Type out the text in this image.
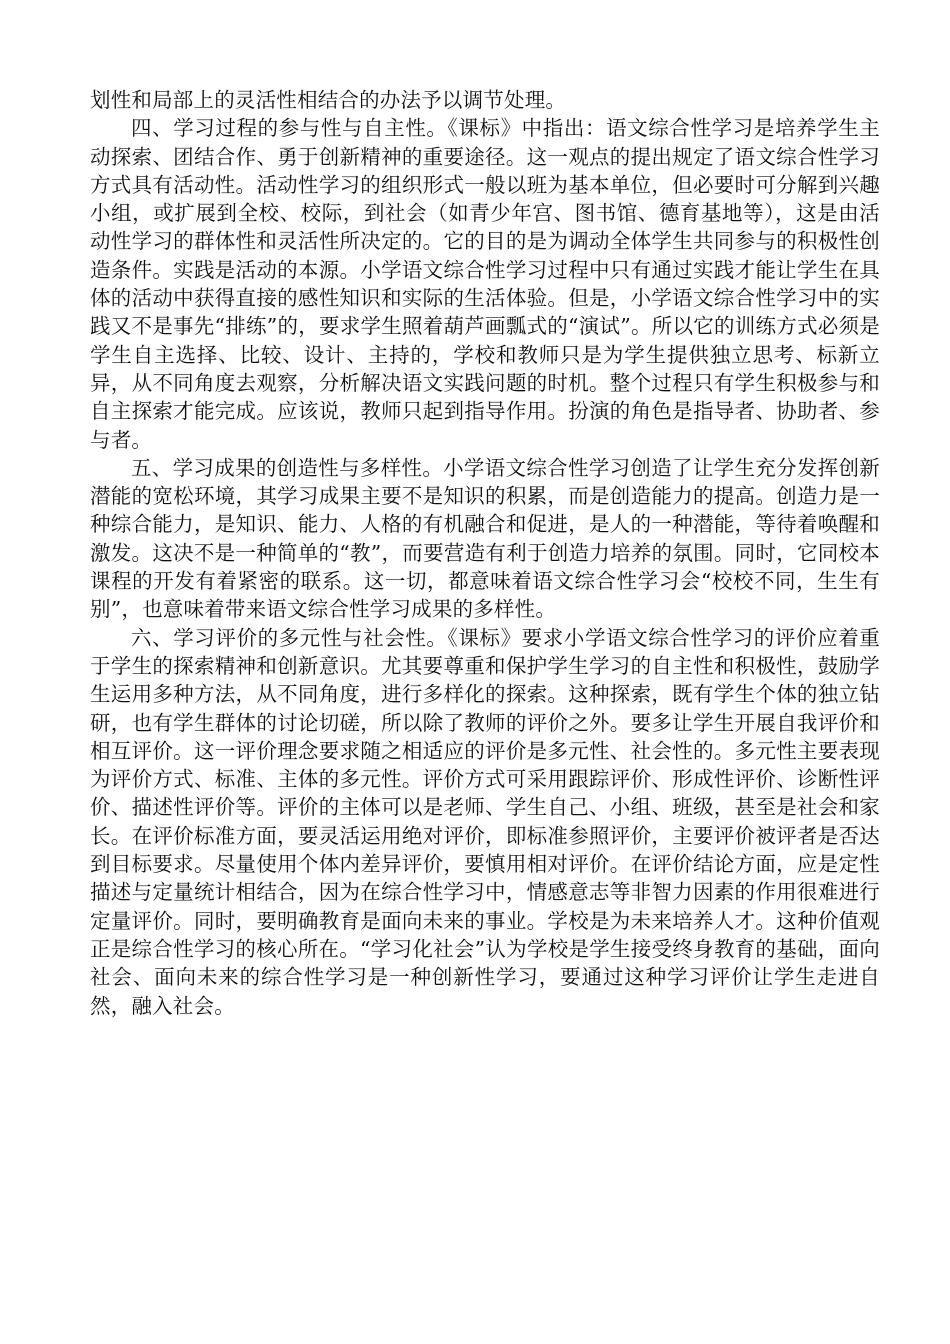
划性和局部上的灵活性相结合的办法予以调节处理。

四、学习过程的参与性与自主性。《课标》中指出：语文综合性学习是培养学生主动探索、团结合作、勇于创新精神的重要途径。这一观点的提出规定了语文综合性学习方式具有活动性。活动性学习的组织形式一般以班为基本单位，但必要时可分解到兴趣小组，或扩展到全校、校际，到社会（如青少年宫、图书馆、德育基地等），这是由活动性学习的群体性和灵活性所决定的。它的目的是为调动全体学生共同参与的积极性创造条件。实践是活动的本源。小学语文综合性学习过程中只有通过实践才能让学生在具体的活动中获得直接的感性知识和实际的生活体验。但是，小学语文综合性学习中的实践又不是事先“排练”的，要求学生照着葫芦画瓢式的“演试”。所以它的训练方式必须是学生自主选择、比较、设计、主持的，学校和教师只是为学生提供独立思考、标新立异，从不同角度去观察，分析解决语文实践问题的时机。整个过程只有学生积极参与和自主探索才能完成。应该说，教师只起到指导作用。扮演的角色是指导者、协助者、参与者。

五、学习成果的创造性与多样性。小学语文综合性学习创造了让学生充分发挥创新潜能的宽松环境，其学习成果主要不是知识的积累，而是创造能力的提高。创造力是一种综合能力，是知识、能力、人格的有机融合和促进，是人的一种潜能，等待着唤醒和激发。这决不是一种简单的“教”，而要营造有利于创造力培养的氛围。同时，它同校本课程的开发有着紧密的联系。这一切，都意味着语文综合性学习会“校校不同，生生有别”，也意味着带来语文综合性学习成果的多样性。

六、学习评价的多元性与社会性。《课标》要求小学语文综合性学习的评价应着重于学生的探索精神和创新意识。尤其要尊重和保护学生学习的自主性和积极性，鼓励学生运用多种方法，从不同角度，进行多样化的探索。这种探索，既有学生个体的独立钻研，也有学生群体的讨论切磋，所以除了教师的评价之外。要多让学生开展自我评价和相互评价。这一评价理念要求随之相适应的评价是多元性、社会性的。多元性主要表现为评价方式、标准、主体的多元性。评价方式可采用跟踪评价、形成性评价、诊断性评价、描述性评价等。评价的主体可以是老师、学生自己、小组、班级，甚至是社会和家长。在评价标准方面，要灵活运用绝对评价，即标准参照评价，主要评价被评者是否达到目标要求。尽量使用个体内差异评价，要慎用相对评价。在评价结论方面，应是定性描述与定量统计相结合，因为在综合性学习中，情感意志等非智力因素的作用很难进行定量评价。同时，要明确教育是面向未来的事业。学校是为未来培养人才。这种价值观正是综合性学习的核心所在。“学习化社会”认为学校是学生接受终身教育的基础，面向社会、面向未来的综合性学习是一种创新性学习，要通过这种学习评价让学生走进自然，融入社会。
